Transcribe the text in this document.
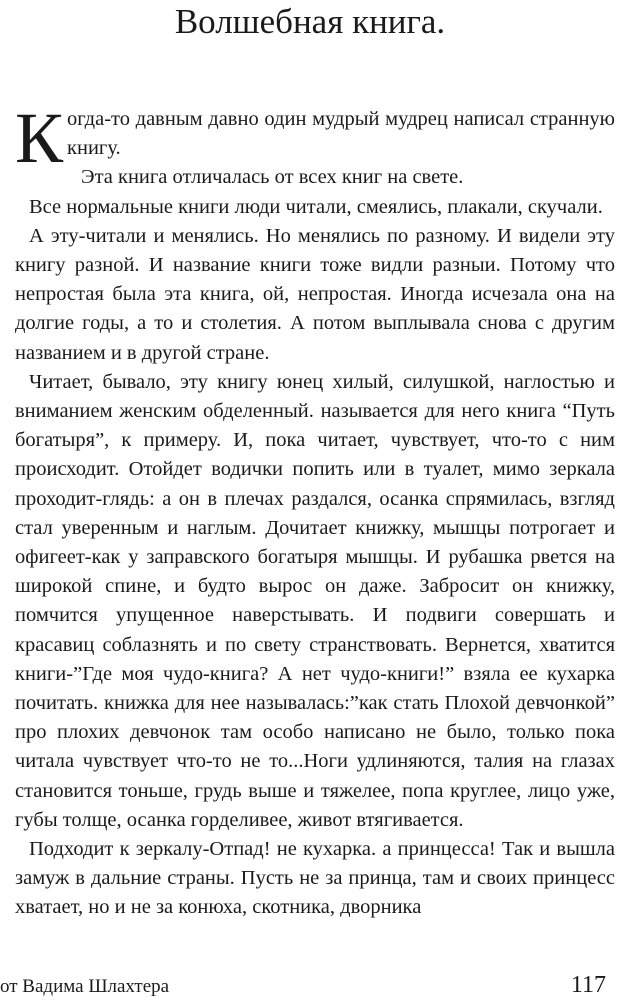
Волшебная книга.

Когда-то давным давно один мудрый мудрец написал странную книгу.

Эта книга отличалась от всех книг на свете.

Все нормальные книги люди читали, смеялись, плакали, скучали.

А эту-читали и менялись. Но менялись по разному. И видели эту книгу разной. И название книги тоже видли разныи. Потому что непростая была эта книга, ой, непростая. Иногда исчезала она на долгие годы, а то и столетия. А потом выплывала снова с другим названием и в другой стране.

Читает, бывало, эту книгу юнец хилый, силушкой, наглостью и вниманием женским обделенный. называется для него книга “Путь богатыря”, к примеру. И, пока читает, чувствует, что-то с ним происходит. Отойдет водички попить или в туалет, мимо зеркала проходит-глядь: а он в плечах раздался, осанка спрямилась, взгляд стал уверенным и наглым. Дочитает книжку, мышцы потрогает и офигеет-как у заправского богатыря мышцы. И рубашка рвется на широкой спине, и будто вырос он даже. Забросит он книжку, помчится упущенное наверстывать. И подвиги совершать и красавиц соблазнять и по свету странствовать. Вернется, хватится книги-”Где моя чудо-книга? А нет чудо-книги!” взяла ее кухарка почитать. книжка для нее называлась:”как стать Плохой девчонкой” про плохих девчонок там особо написано не было, только пока читала чувствует что-то не то...Ноги удлиняются, талия на глазах становится тоньше, грудь выше и тяжелее, попа круглее, лицо уже, губы толще, осанка горделивее, живот втягивается.

Подходит к зеркалу-Отпад! не кухарка. а принцесса! Так и вышла замуж в дальние страны. Пусть не за принца, там и своих принцесс хватает, но и не за конюха, скотника, дворника

от Вадима Шлахтера	117
